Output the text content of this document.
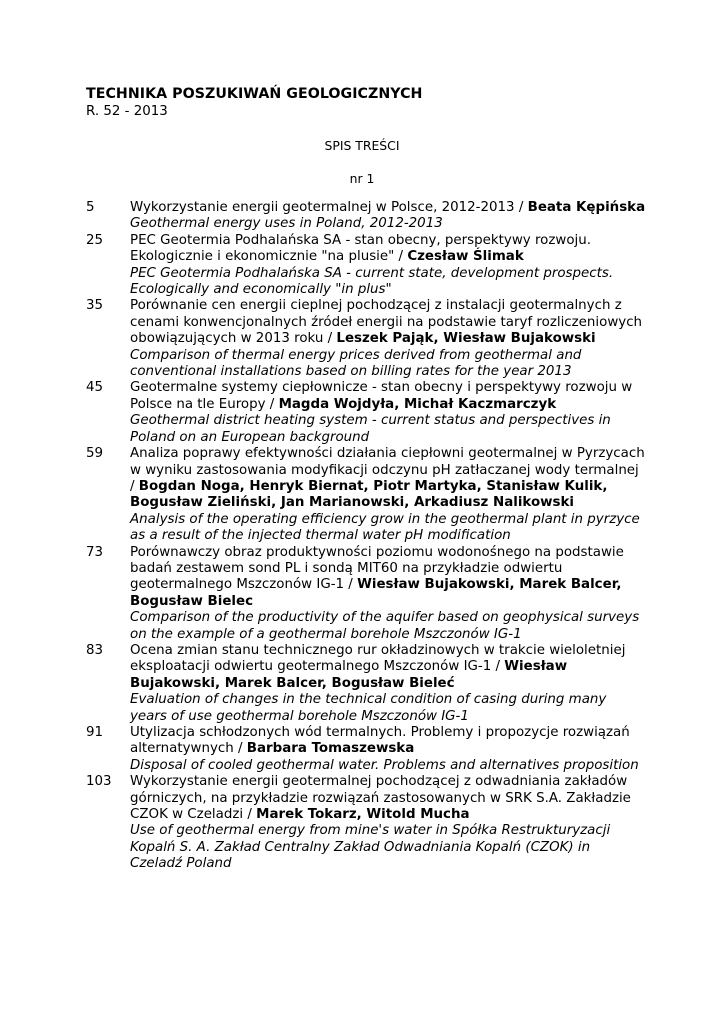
TECHNIKA POSZUKIWAŃ GEOLOGICZNYCH
R. 52 - 2013
SPIS TREŚCI
nr 1
5	Wykorzystanie energii geotermalnej w Polsce, 2012-2013 / Beata Kępińska
Geothermal energy uses in Poland, 2012-2013
25	PEC Geotermia Podhalańska SA - stan obecny, perspektywy rozwoju. Ekologicznie i ekonomicznie "na plusie" / Czesław Ślimak
PEC Geotermia Podhalańska SA - current state, development prospects. Ecologically and economically "in plus"
35	Porównanie cen energii cieplnej pochodzącej z instalacji geotermalnych z cenami konwencjonalnych źródeł energii na podstawie taryf rozliczeniowych obowiązujących w 2013 roku / Leszek Pająk, Wiesław Bujakowski
Comparison of thermal energy prices derived from geothermal and conventional installations based on billing rates for the year 2013
45	Geotermalne systemy ciepłownicze - stan obecny i perspektywy rozwoju w Polsce na tle Europy / Magda Wojdyła, Michał Kaczmarczyk
Geothermal district heating system - current status and perspectives in Poland on an European background
59	Analiza poprawy efektywności działania ciepłowni geotermalnej w Pyrzycach w wyniku zastosowania modyfikacji odczynu pH zatłaczanej wody termalnej / Bogdan Noga, Henryk Biernat, Piotr Martyka, Stanisław Kulik, Bogusław Zieliński, Jan Marianowski, Arkadiusz Nalikowski
Analysis of the operating efficiency grow in the geothermal plant in pyrzyce as a result of the injected thermal water pH modification
73	Porównawczy obraz produktywności poziomu wodonośnego na podstawie badań zestawem sond PL i sondą MIT60 na przykładzie odwiertu geotermalnego Mszczonów IG-1 / Wiesław Bujakowski, Marek Balcer, Bogusław Bielec
Comparison of the productivity of the aquifer based on geophysical surveys on the example of a geothermal borehole Mszczonów IG-1
83	Ocena zmian stanu technicznego rur okładzinowych w trakcie wieloletniej eksploatacji odwiertu geotermalnego Mszczonów IG-1 / Wiesław Bujakowski, Marek Balcer, Bogusław Bieleć
Evaluation of changes in the technical condition of casing during many years of use geothermal borehole Mszczonów IG-1
91	Utylizacja schłodzonych wód termalnych. Problemy i propozycje rozwiązań alternatywnych / Barbara Tomaszewska
Disposal of cooled geothermal water. Problems and alternatives proposition
103	Wykorzystanie energii geotermalnej pochodzącej z odwadniania zakładów górniczych, na przykładzie rozwiązań zastosowanych w SRK S.A. Zakładzie CZOK w Czeladzi / Marek Tokarz, Witold Mucha
Use of geothermal energy from mine's water in Spółka Restrukturyzacji Kopalń S. A. Zakład Centralny Zakład Odwadniania Kopalń (CZOK) in Czeladź Poland
